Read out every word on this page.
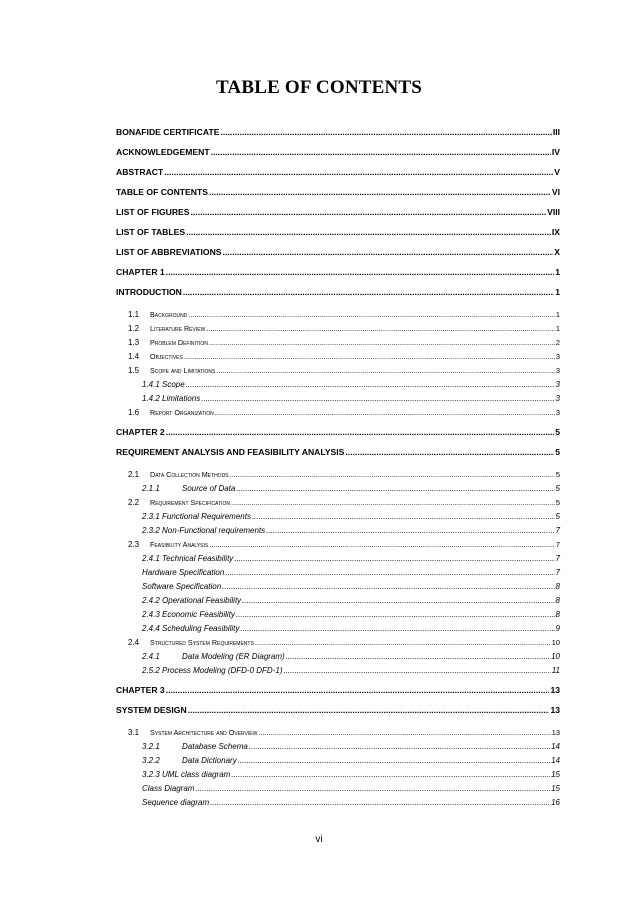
TABLE OF CONTENTS
BONAFIDE CERTIFICATE .....	III
ACKNOWLEDGEMENT .....	IV
ABSTRACT .....	V
TABLE OF CONTENTS .....	VI
LIST OF FIGURES .....	VIII
LIST OF TABLES .....	IX
LIST OF ABBREVIATIONS .....	X
CHAPTER 1 .....	1
INTRODUCTION .....	1
1.1 Background .....	1
1.2 Literature Review .....	1
1.3 Problem Definition .....	2
1.4 Objectives .....	3
1.5 Scope and Limitations .....	3
1.4.1 Scope .....	3
1.4.2 Limitations .....	3
1.6 Report Organization .....	3
CHAPTER 2 .....	5
REQUIREMENT ANALYSIS AND FEASIBILITY ANALYSIS .....	5
2.1 Data Collection Methods .....	5
2.1.1	Source of Data .....	5
2.2 Requirement Specification .....	5
2.3.1 Functional Requirements .....	5
2.3.2 Non-Functional requirements .....	7
2.3 Feasibility Analysis .....	7
2.4.1 Technical Feasibility .....	7
Hardware Specification .....	7
Software Specification .....	8
2.4.2 Operational Feasibility .....	8
2.4.3 Economic Feasibility .....	8
2.4.4 Scheduling Feasibility .....	9
2.4 Structured System Requirements .....	10
2.4.1	Data Modeling (ER Diagram) .....	10
2.5.2 Process Modeling (DFD-0 DFD-1) .....	11
CHAPTER 3 .....	13
SYSTEM DESIGN .....	13
3.1 System Architecture and Overview .....	13
3.2.1	Database Schema .....	14
3.2.2	Data Dictionary .....	14
3.2.3 UML class diagram .....	15
Class Diagram .....	15
Sequence diagram .....	16
vi
